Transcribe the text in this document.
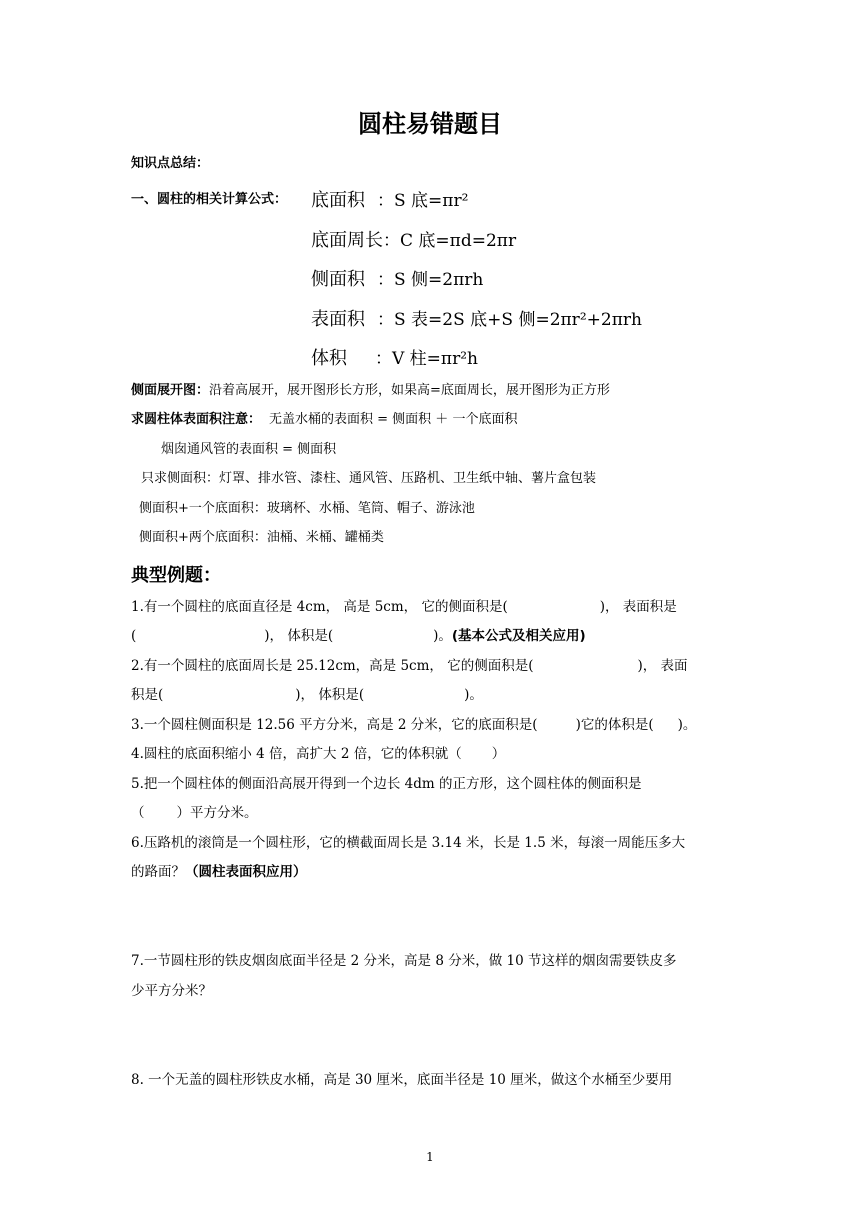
圆柱易错题目
知识点总结：
一、圆柱的相关计算公式： 底面积 ：S 底=πr²
底面周长：C 底=πd=2πr
侧面积 ：S 侧=2πrh
表面积 ：S 表=2S 底+S 侧=2πr²+2πrh
体积 ：V 柱=πr²h
侧面展开图：沿着高展开，展开图形长方形，如果高=底面周长，展开图形为正方形
求圆柱体表面积注意： 无盖水桶的表面积 = 侧面积 ＋ 一个底面积
烟囱通风管的表面积 = 侧面积
只求侧面积：灯罩、排水管、漆柱、通风管、压路机、卫生纸中轴、薯片盒包装
侧面积+一个底面积：玻璃杯、水桶、笔筒、帽子、游泳池
侧面积+两个底面积：油桶、米桶、罐桶类
典型例题：
1.有一个圆柱的底面直径是 4cm， 高是 5cm， 它的侧面积是(	)， 表面积是
(	)， 体积是(	)。(基本公式及相关应用)
2.有一个圆柱的底面周长是 25.12cm，高是 5cm， 它的侧面积是(	)， 表面
积是(	)， 体积是(	)。
3.一个圆柱侧面积是 12.56 平方分米，高是 2 分米，它的底面积是(	)它的体积是( )。
4.圆柱的底面积缩小 4 倍，高扩大 2 倍，它的体积就（ ）
5.把一个圆柱体的侧面沿高展开得到一个边长 4dm 的正方形，这个圆柱体的侧面积是
（ ）平方分米。
6.压路机的滚筒是一个圆柱形，它的横截面周长是 3.14 米，长是 1.5 米，每滚一周能压多大
的路面？（圆柱表面积应用）
7.一节圆柱形的铁皮烟囱底面半径是 2 分米，高是 8 分米，做 10 节这样的烟囱需要铁皮多
少平方分米？
8. 一个无盖的圆柱形铁皮水桶，高是 30 厘米，底面半径是 10 厘米，做这个水桶至少要用
1
